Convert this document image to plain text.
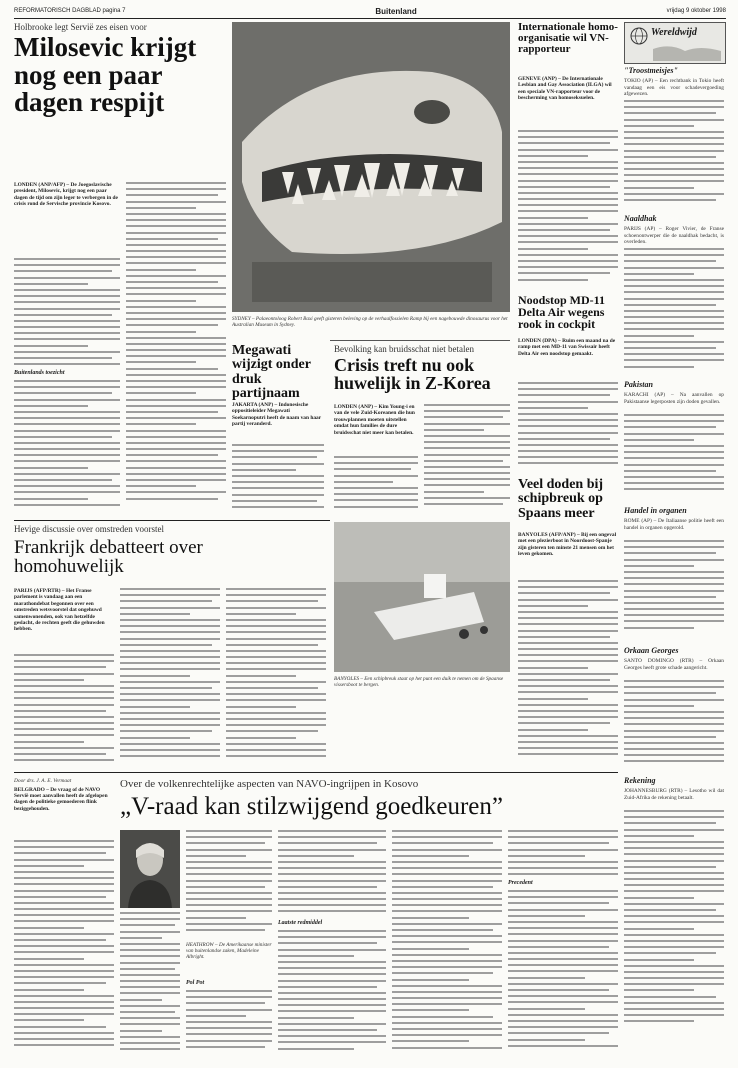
REFORMATORISCH DAGBLAD pagina 7	Buitenland	vrijdag 9 oktober 1998
Holbrooke legt Servië zes eisen voor
Milosevic krijgt nog een paar dagen respijt
LONDEN (ANP/AFP) – De Joegoslavische president, Milosevic, krijgt nog een paar dagen de tijd om zijn leger te verbergen in de crisis rond de Servische provincie Kosovo.
Buitenlands toezicht
SYDNEY – Palaeontoloog Robert Baxi geeft gisteren beleving op de verhaalfossielen Ramp bij een nagebouwde dinosaurus voor het Australian Museum in Sydney.
Megawati wijzigt onder druk partijnaam
JAKARTA (ANP) – Indonesische oppositieleider Megawati Soekarnoputri heeft de naam van haar partij veranderd.
Bevolking kan bruidsschat niet betalen
Crisis treft nu ook huwelijk in Z-Korea
LONDEN (ANP) – Kim Young-i en van de vele Zuid-Koreanen die hun trouwplannen moeten uitstellen omdat hun families de dure bruidsschat niet meer kan betalen.
Hevige discussie over omstreden voorstel
Frankrijk debatteert over homohuwelijk
PARIJS (AFP/RTR) – Het Franse parlement is vandaag aan een marathondebat begonnen over een omstreden wetsvoorstel dat ongehuwd samenwonenden, ook van hetzelfde geslacht, de rechten geeft die gehuwden hebben.
BANYOLES – Een schipbreuk staat op het punt een duik te nemen om de Spaanse vissersboot te bergen.
Internationale homo-organisatie wil VN-rapporteur
GENEVE (ANP) – De Internationale Lesbian and Gay Association (ILGA) wil een speciale VN-rapporteur voor de bescherming van homoseksuelen.
Noodstop MD-11 Delta Air wegens rook in cockpit
LONDEN (DPA) – Ruim een maand na de ramp met een MD-11 van Swissair heeft Delta Air een noodstop gemaakt.
Veel doden bij schipbreuk op Spaans meer
BANYOLES (AFP/ANP) – Bij een ongeval met een plezierboot in Noordoost-Spanje zijn gisteren ten minste 21 mensen om het leven gekomen.
Wereldwijd
"Troostmeisjes"
TOKIO (AP) – Een rechtbank in Tokio heeft vandaag een eis voor schadevergoeding afgewezen.
Naaldhak
PARIJS (AP) – Roger Vivier, de Franse schoenontwerper die de naaldhak bedacht, is overleden.
Pakistan
KARACHI (AP) – Na aanvallen op Pakistaanse legerposten zijn doden gevallen.
Handel in organen
ROME (AP) – De Italiaanse politie heeft een handel in organen opgerold.
Orkaan Georges
SANTO DOMINGO (RTR) – Orkaan Georges heeft grote schade aangericht.
Rekening
JOHANNESBURG (RTR) – Lesotho wil dat Zuid-Afrika de rekening betaalt.
Door drs. J. A. E. Vermaat
BELGRADO – De vraag of de NAVO Servië moet aanvallen heeft de afgelopen dagen de politieke gemoederen flink beziggehouden.
Over de volkenrechtelijke aspecten van NAVO-ingrijpen in Kosovo
„V-raad kan stilzwijgend goedkeuren”
HEATHROW – De Amerikaanse minister van buitenlandse zaken, Madeleine Albright.
Pol Pot
Laatste redmiddel
Precedent
